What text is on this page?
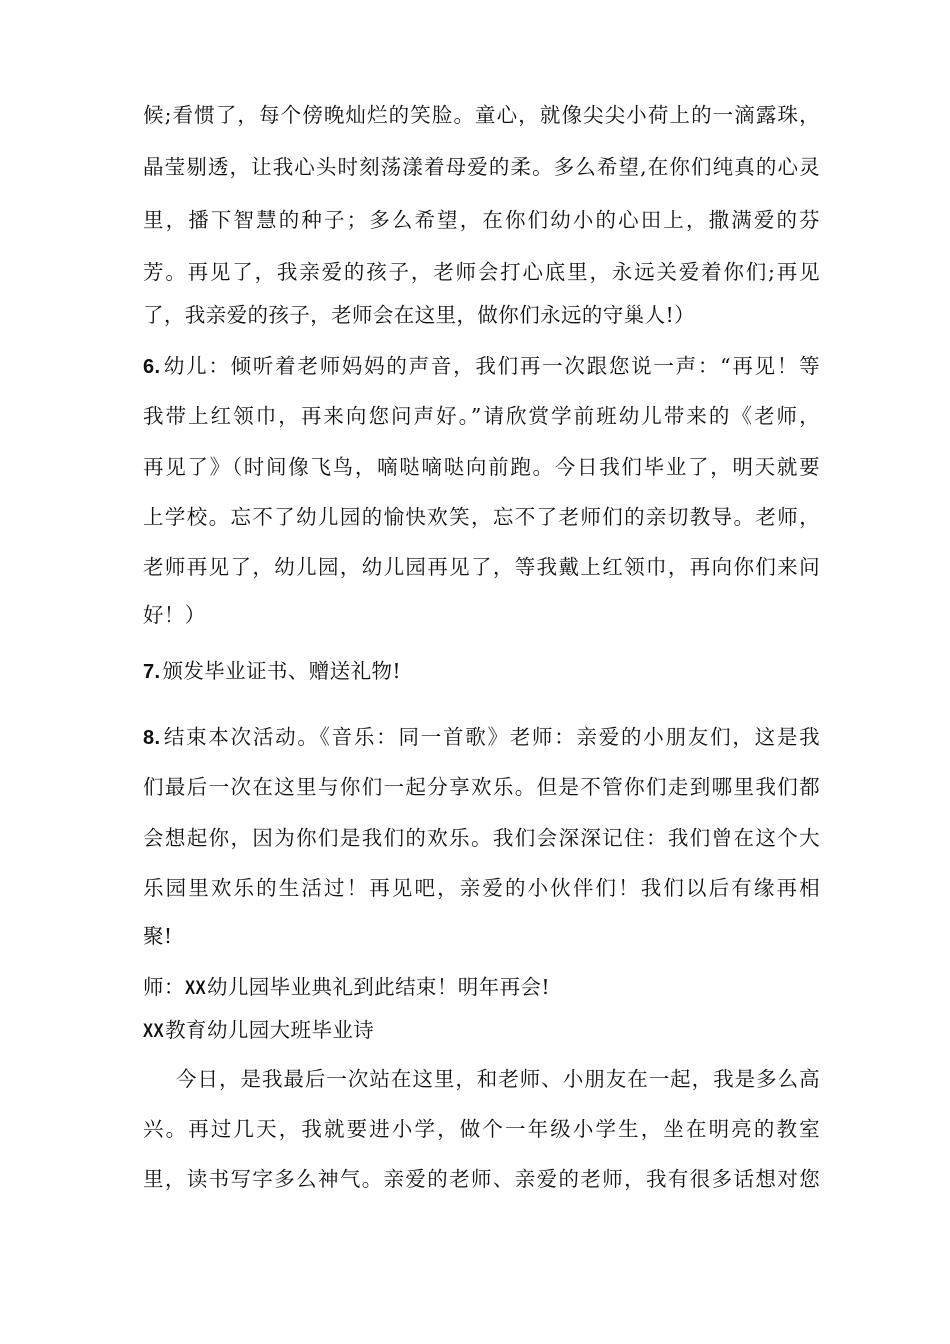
候;看惯了，每个傍晚灿烂的笑脸。童心，就像尖尖小荷上的一滴露珠，
晶莹剔透，让我心头时刻荡漾着母爱的柔。多么希望,在你们纯真的心灵
里，播下智慧的种子；多么希望，在你们幼小的心田上，撒满爱的芬
芳。再见了，我亲爱的孩子，老师会打心底里，永远关爱着你们;再见
了，我亲爱的孩子，老师会在这里，做你们永远的守巢人!）
6.幼儿：倾听着老师妈妈的声音，我们再一次跟您说一声：“再见！等
我带上红领巾，再来向您问声好。”请欣赏学前班幼儿带来的《老师，
再见了》（时间像飞鸟，嘀哒嘀哒向前跑。今日我们毕业了，明天就要
上学校。忘不了幼儿园的愉快欢笑，忘不了老师们的亲切教导。老师，
老师再见了，幼儿园，幼儿园再见了，等我戴上红领巾，再向你们来问
好！）
7.颁发毕业证书、赠送礼物!
8.结束本次活动。《音乐：同一首歌》老师：亲爱的小朋友们，这是我
们最后一次在这里与你们一起分享欢乐。但是不管你们走到哪里我们都
会想起你，因为你们是我们的欢乐。我们会深深记住：我们曾在这个大
乐园里欢乐的生活过！再见吧，亲爱的小伙伴们！我们以后有缘再相
聚!
师：XX幼儿园毕业典礼到此结束！明年再会!
XX教育幼儿园大班毕业诗
今日，是我最后一次站在这里，和老师、小朋友在一起，我是多么高
兴。再过几天，我就要进小学，做个一年级小学生，坐在明亮的教室
里，读书写字多么神气。亲爱的老师、亲爱的老师，我有很多话想对您
